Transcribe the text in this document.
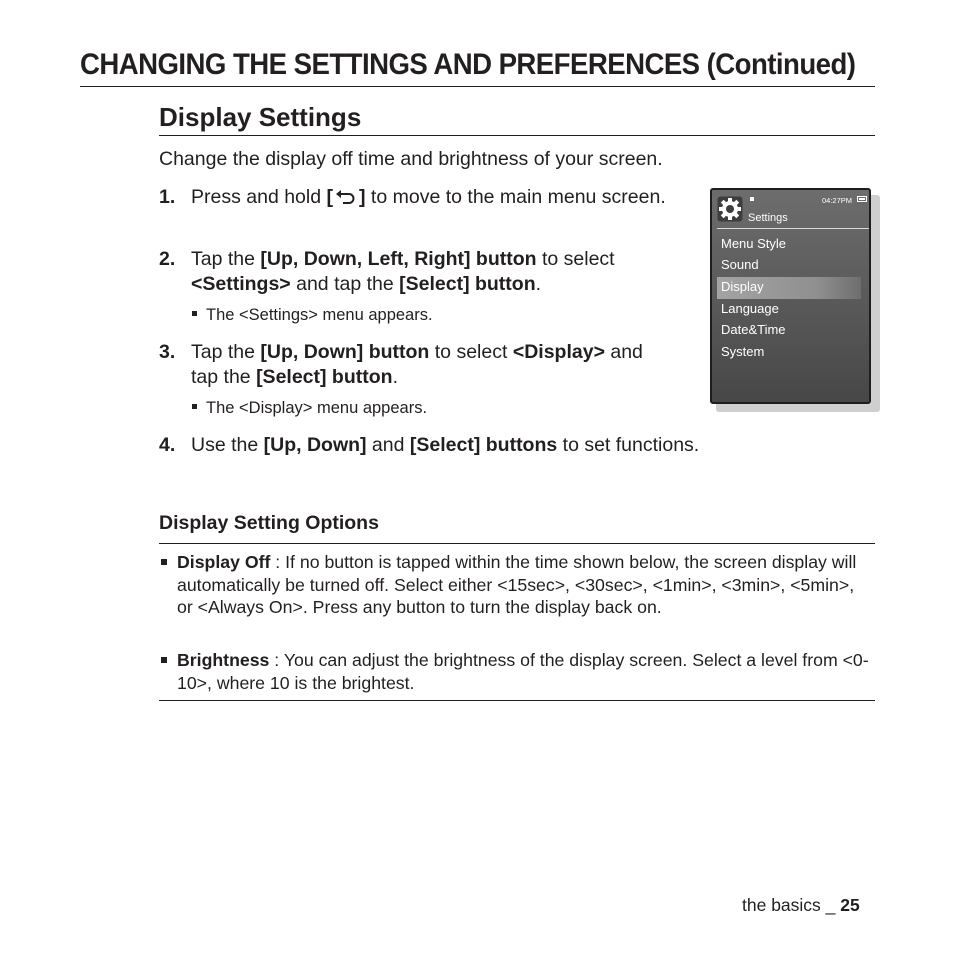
CHANGING THE SETTINGS AND PREFERENCES (Continued)
Display Settings
Change the display off time and brightness of your screen.
1. Press and hold [ ] to move to the main menu screen.
2. Tap the [Up, Down, Left, Right] button to select <Settings> and tap the [Select] button.
The <Settings> menu appears.
3. Tap the [Up, Down] button to select <Display> and tap the [Select] button.
The <Display> menu appears.
4. Use the [Up, Down] and [Select] buttons to set functions.
Settings
04:27PM
Menu Style
Sound
Display
Language
Date&Time
System
Display Setting Options
Display Off : If no button is tapped within the time shown below, the screen display will automatically be turned off. Select either <15sec>, <30sec>, <1min>, <3min>, <5min>, or <Always On>. Press any button to turn the display back on.
Brightness : You can adjust the brightness of the display screen. Select a level from <0-10>, where 10 is the brightest.
the basics _ 25
